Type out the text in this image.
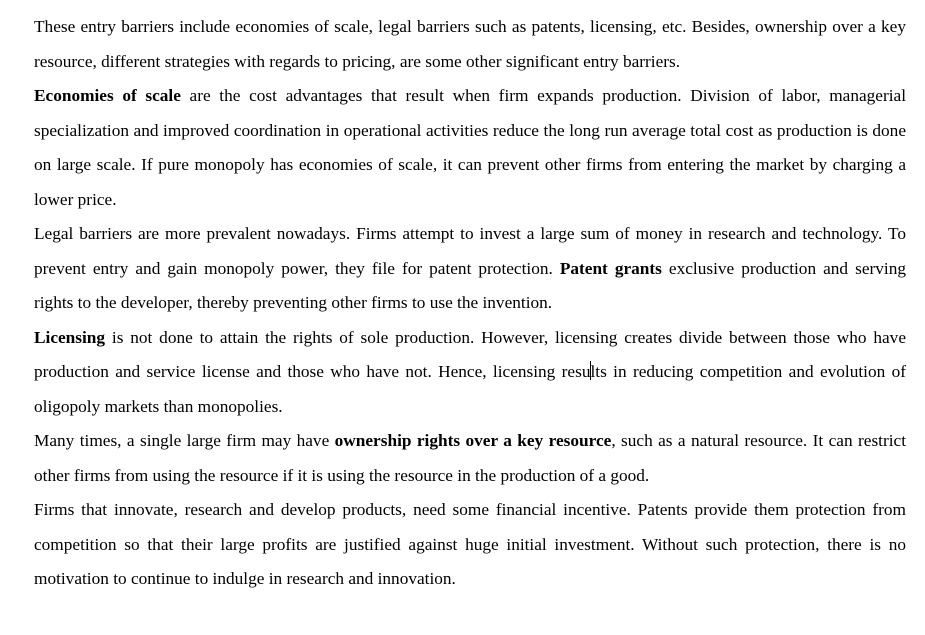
These entry barriers include economies of scale, legal barriers such as patents, licensing, etc. Besides, ownership over a key resource, different strategies with regards to pricing, are some other significant entry barriers.

Economies of scale are the cost advantages that result when firm expands production. Division of labor, managerial specialization and improved coordination in operational activities reduce the long run average total cost as production is done on large scale. If pure monopoly has economies of scale, it can prevent other firms from entering the market by charging a lower price.

Legal barriers are more prevalent nowadays. Firms attempt to invest a large sum of money in research and technology. To prevent entry and gain monopoly power, they file for patent protection. Patent grants exclusive production and serving rights to the developer, thereby preventing other firms to use the invention.

Licensing is not done to attain the rights of sole production. However, licensing creates divide between those who have production and service license and those who have not. Hence, licensing results in reducing competition and evolution of oligopoly markets than monopolies.

Many times, a single large firm may have ownership rights over a key resource, such as a natural resource. It can restrict other firms from using the resource if it is using the resource in the production of a good.

Firms that innovate, research and develop products, need some financial incentive. Patents provide them protection from competition so that their large profits are justified against huge initial investment. Without such protection, there is no motivation to continue to indulge in research and innovation.
